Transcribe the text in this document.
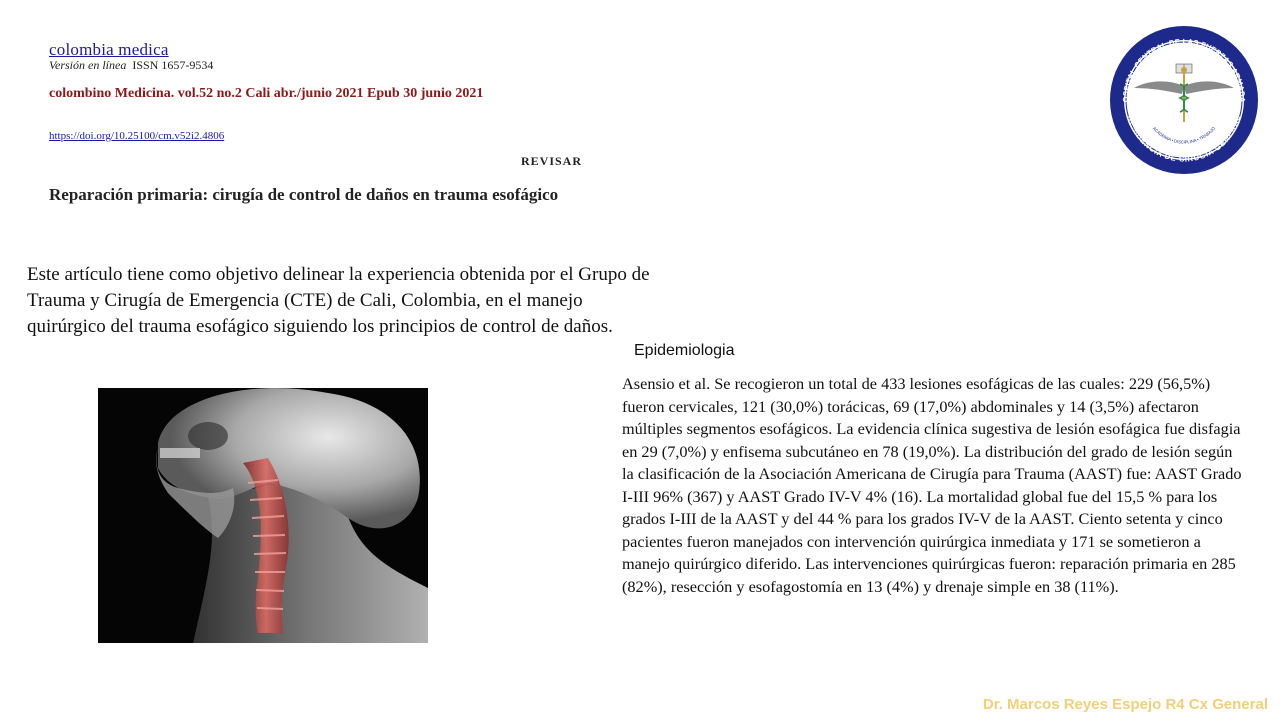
colombia medica
Versión en línea ISSN 1657-9534
colombino Medicina. vol.52 no.2 Cali abr./junio 2021 Epub 30 junio 2021
https://doi.org/10.25100/cm.v52i2.4806
REVISAR
Reparación primaria: cirugía de control de daños en trauma esofágico
Este artículo tiene como objetivo delinear la experiencia obtenida por el Grupo de Trauma y Cirugía de Emergencia (CTE) de Cali, Colombia, en el manejo quirúrgico del trauma esofágico siguiendo los principios de control de daños.
Epidemiologia
Asensio et al. Se recogieron un total de 433 lesiones esofágicas de las cuales: 229 (56,5%) fueron cervicales, 121 (30,0%) torácicas, 69 (17,0%) abdominales y 14 (3,5%) afectaron múltiples segmentos esofágicos. La evidencia clínica sugestiva de lesión esofágica fue disfagia en 29 (7,0%) y enfisema subcutáneo en 78 (19,0%). La distribución del grado de lesión según la clasificación de la Asociación Americana de Cirugía para Trauma (AAST) fue: AAST Grado I-III 96% (367) y AAST Grado IV-V 4% (16). La mortalidad global fue del 15,5 % para los grados I-III de la AAST y del 44 % para los grados IV-V de la AAST. Ciento setenta y cinco pacientes fueron manejados con intervención quirúrgica inmediata y 171 se sometieron a manejo quirúrgico diferido. Las intervenciones quirúrgicas fueron: reparación primaria en 285 (82%), resección y esofagostomía en 13 (4%) y drenaje simple en 38 (11%).
OSPITAL CENTRAL DE LAS FUERZAS ARMADA
RESIDENCIA DE CIRUGIA GENERAL
ACADEMIA • DISCIPLINA • TRABAJO
Dr. Marcos Reyes Espejo R4 Cx General
